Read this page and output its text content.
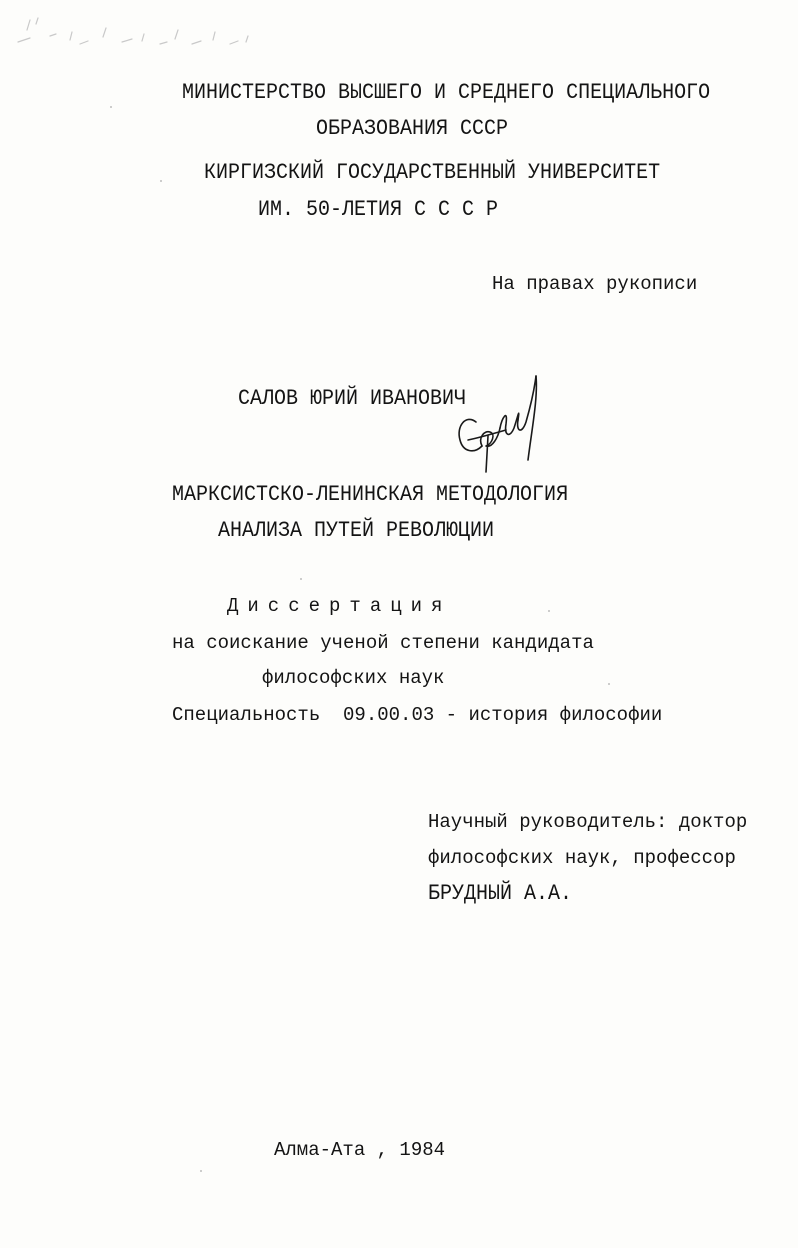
МИНИСТЕРСТВО ВЫСШЕГО И СРЕДНЕГО СПЕЦИАЛЬНОГО
ОБРАЗОВАНИЯ СССР
КИРГИЗСКИЙ ГОСУДАРСТВЕННЫЙ УНИВЕРСИТЕТ
ИМ. 50-ЛЕТИЯ С С С Р
На правах рукописи
САЛОВ ЮРИЙ ИВАНОВИЧ
МАРКСИСТСКО-ЛЕНИНСКАЯ МЕТОДОЛОГИЯ
АНАЛИЗА ПУТЕЙ РЕВОЛЮЦИИ
Диссертация
на соискание ученой степени кандидата
философских наук
Специальность  09.00.03 - история философии
Научный руководитель: доктор
философских наук, профессор
БРУДНЫЙ А.А.
Алма-Ата , 1984
